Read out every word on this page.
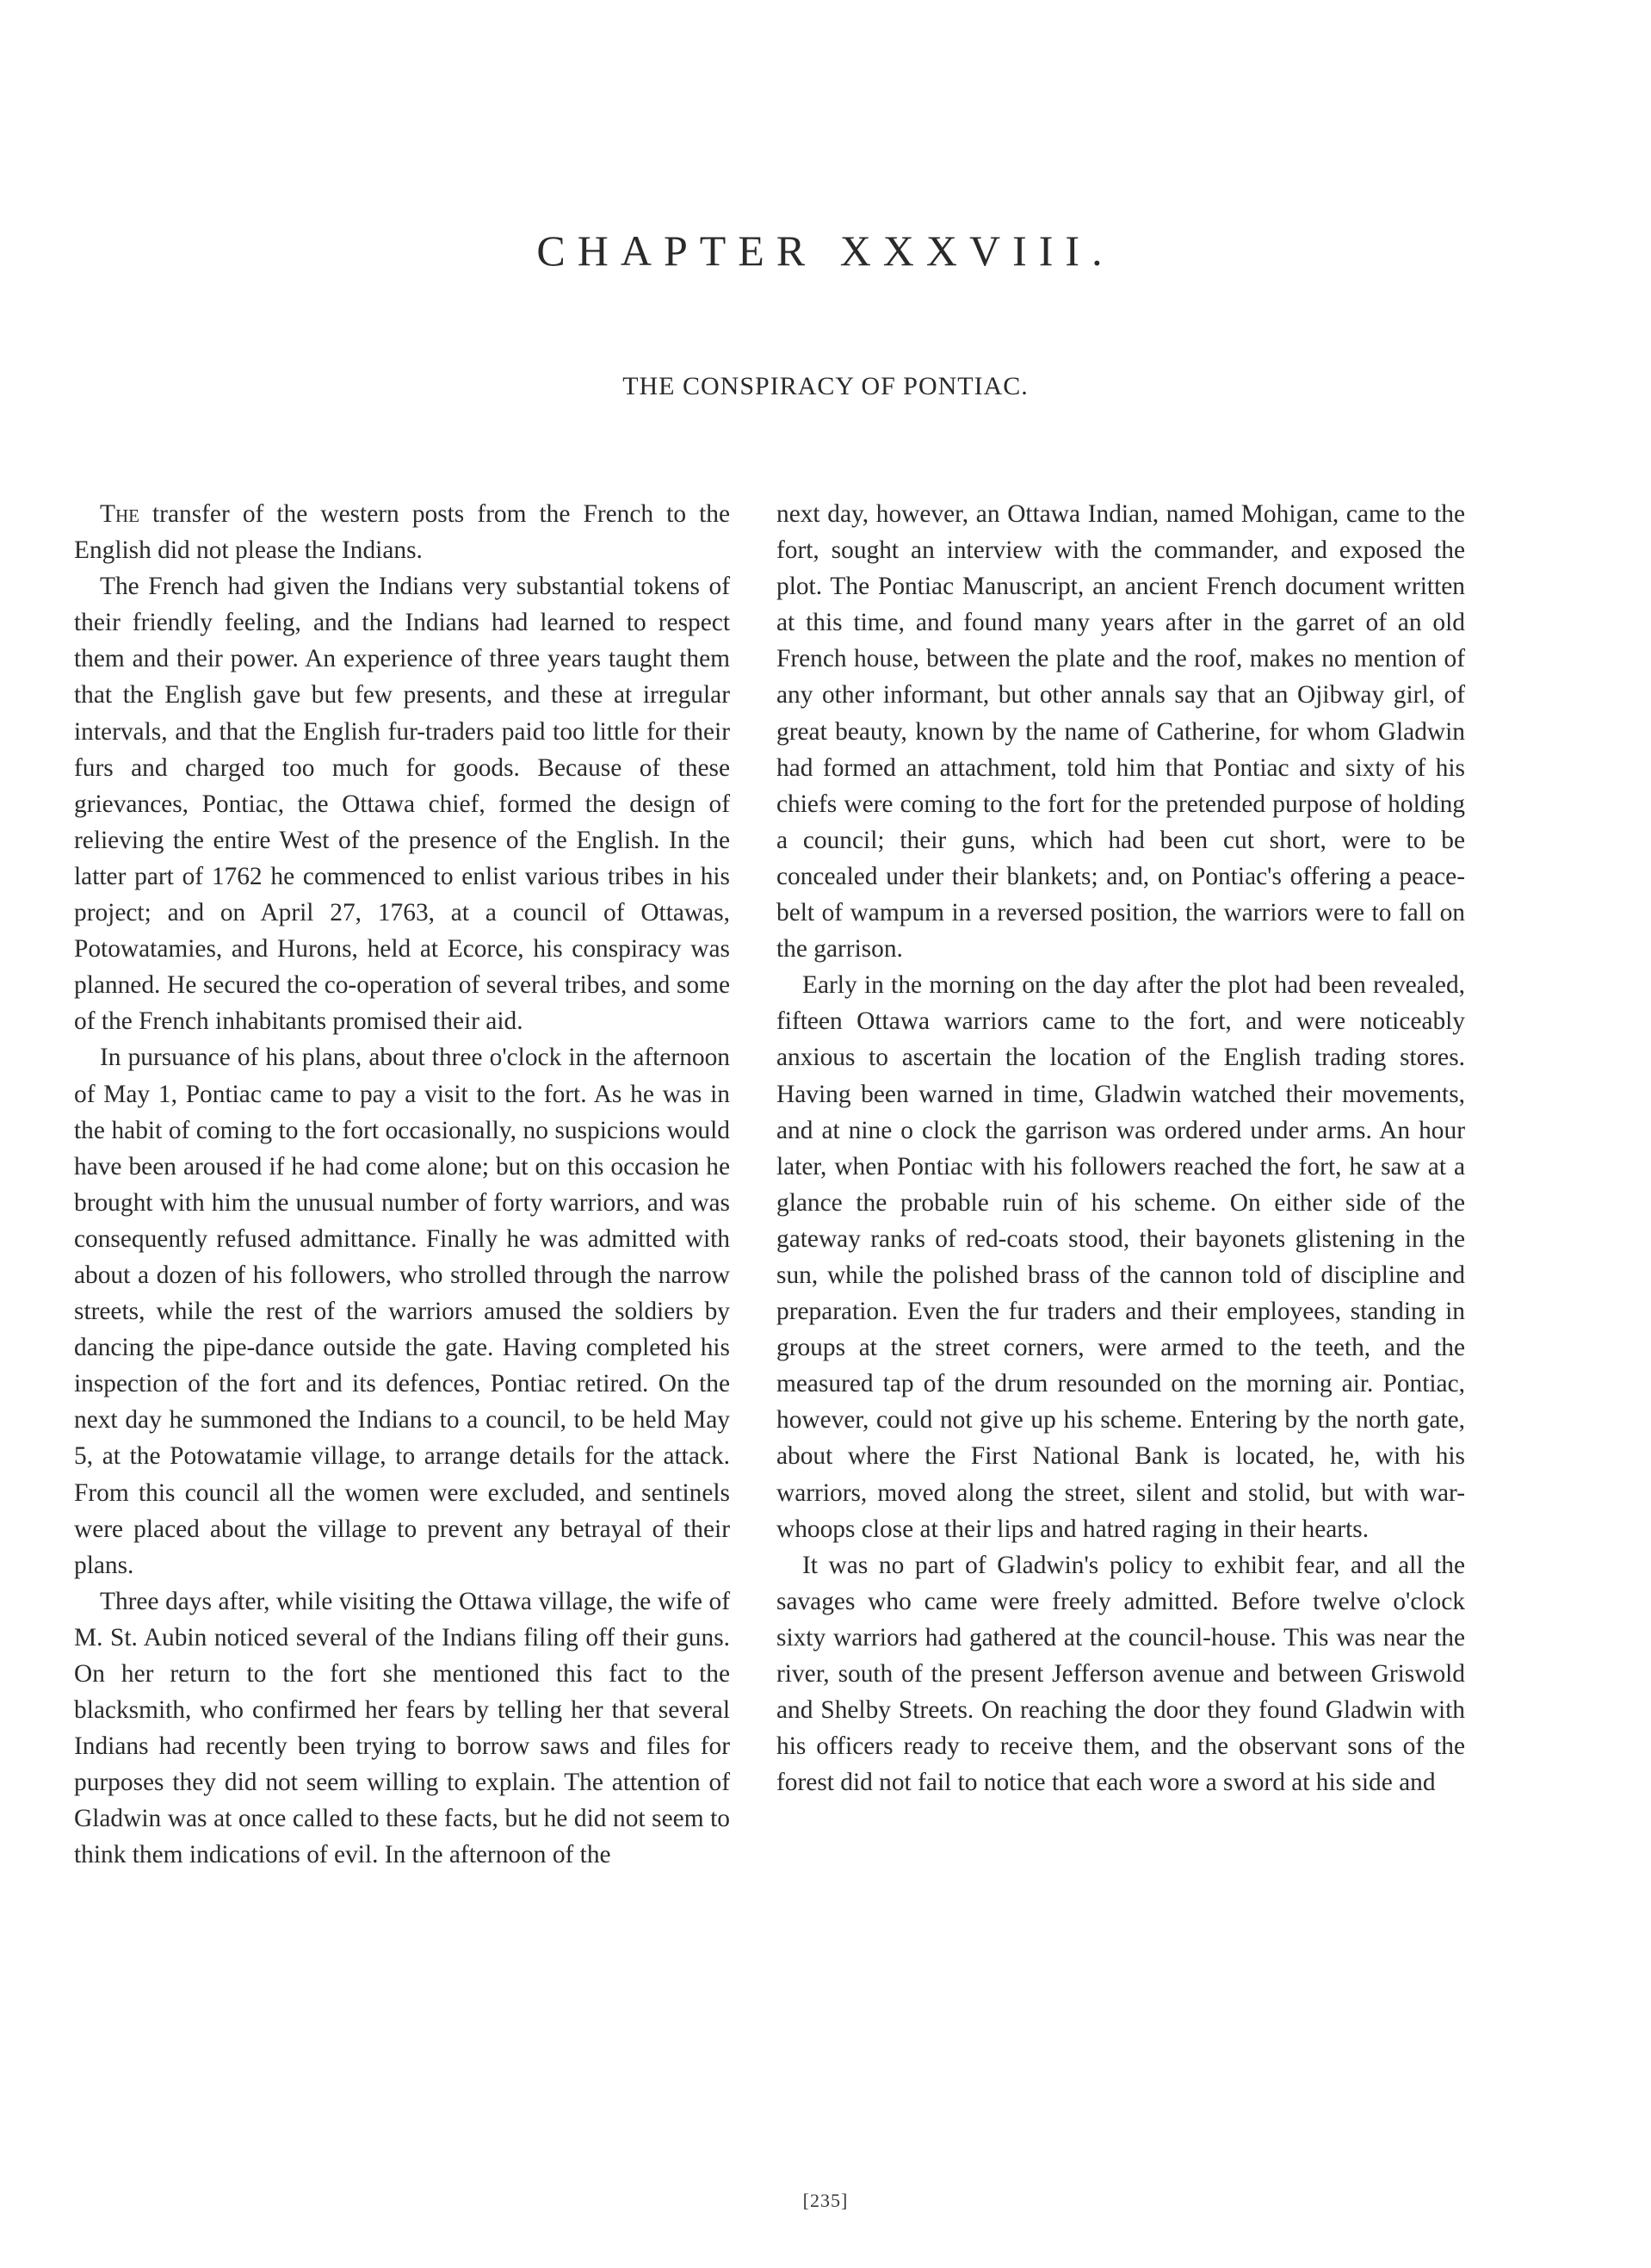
CHAPTER XXXVIII.
THE CONSPIRACY OF PONTIAC.

The transfer of the western posts from the French to the English did not please the Indians.

The French had given the Indians very substantial tokens of their friendly feeling, and the Indians had learned to respect them and their power. An experience of three years taught them that the English gave but few presents, and these at irregular intervals, and that the English fur-traders paid too little for their furs and charged too much for goods. Because of these grievances, Pontiac, the Ottawa chief, formed the design of relieving the entire West of the presence of the English. In the latter part of 1762 he commenced to enlist various tribes in his project; and on April 27, 1763, at a council of Ottawas, Potowatamies, and Hurons, held at Ecorce, his conspiracy was planned. He secured the co-operation of several tribes, and some of the French inhabitants promised their aid.

In pursuance of his plans, about three o'clock in the afternoon of May 1, Pontiac came to pay a visit to the fort. As he was in the habit of coming to the fort occasionally, no suspicions would have been aroused if he had come alone; but on this occasion he brought with him the unusual number of forty warriors, and was consequently refused admittance. Finally he was admitted with about a dozen of his followers, who strolled through the narrow streets, while the rest of the warriors amused the soldiers by dancing the pipe-dance outside the gate. Having completed his inspection of the fort and its defences, Pontiac retired. On the next day he summoned the Indians to a council, to be held May 5, at the Potowatamie village, to arrange details for the attack. From this council all the women were excluded, and sentinels were placed about the village to prevent any betrayal of their plans.

Three days after, while visiting the Ottawa village, the wife of M. St. Aubin noticed several of the Indians filing off their guns. On her return to the fort she mentioned this fact to the blacksmith, who confirmed her fears by telling her that several Indians had recently been trying to borrow saws and files for purposes they did not seem willing to explain. The attention of Gladwin was at once called to these facts, but he did not seem to think them indications of evil. In the afternoon of the

next day, however, an Ottawa Indian, named Mohigan, came to the fort, sought an interview with the commander, and exposed the plot. The Pontiac Manuscript, an ancient French document written at this time, and found many years after in the garret of an old French house, between the plate and the roof, makes no mention of any other informant, but other annals say that an Ojibway girl, of great beauty, known by the name of Catherine, for whom Gladwin had formed an attachment, told him that Pontiac and sixty of his chiefs were coming to the fort for the pretended purpose of holding a council; their guns, which had been cut short, were to be concealed under their blankets; and, on Pontiac's offering a peace-belt of wampum in a reversed position, the warriors were to fall on the garrison.

Early in the morning on the day after the plot had been revealed, fifteen Ottawa warriors came to the fort, and were noticeably anxious to ascertain the location of the English trading stores. Having been warned in time, Gladwin watched their movements, and at nine o clock the garrison was ordered under arms. An hour later, when Pontiac with his followers reached the fort, he saw at a glance the probable ruin of his scheme. On either side of the gateway ranks of red-coats stood, their bayonets glistening in the sun, while the polished brass of the cannon told of discipline and preparation. Even the fur traders and their employees, standing in groups at the street corners, were armed to the teeth, and the measured tap of the drum resounded on the morning air. Pontiac, however, could not give up his scheme. Entering by the north gate, about where the First National Bank is located, he, with his warriors, moved along the street, silent and stolid, but with war-whoops close at their lips and hatred raging in their hearts.

It was no part of Gladwin's policy to exhibit fear, and all the savages who came were freely admitted. Before twelve o'clock sixty warriors had gathered at the council-house. This was near the river, south of the present Jefferson avenue and between Griswold and Shelby Streets. On reaching the door they found Gladwin with his officers ready to receive them, and the observant sons of the forest did not fail to notice that each wore a sword at his side and

[235]
